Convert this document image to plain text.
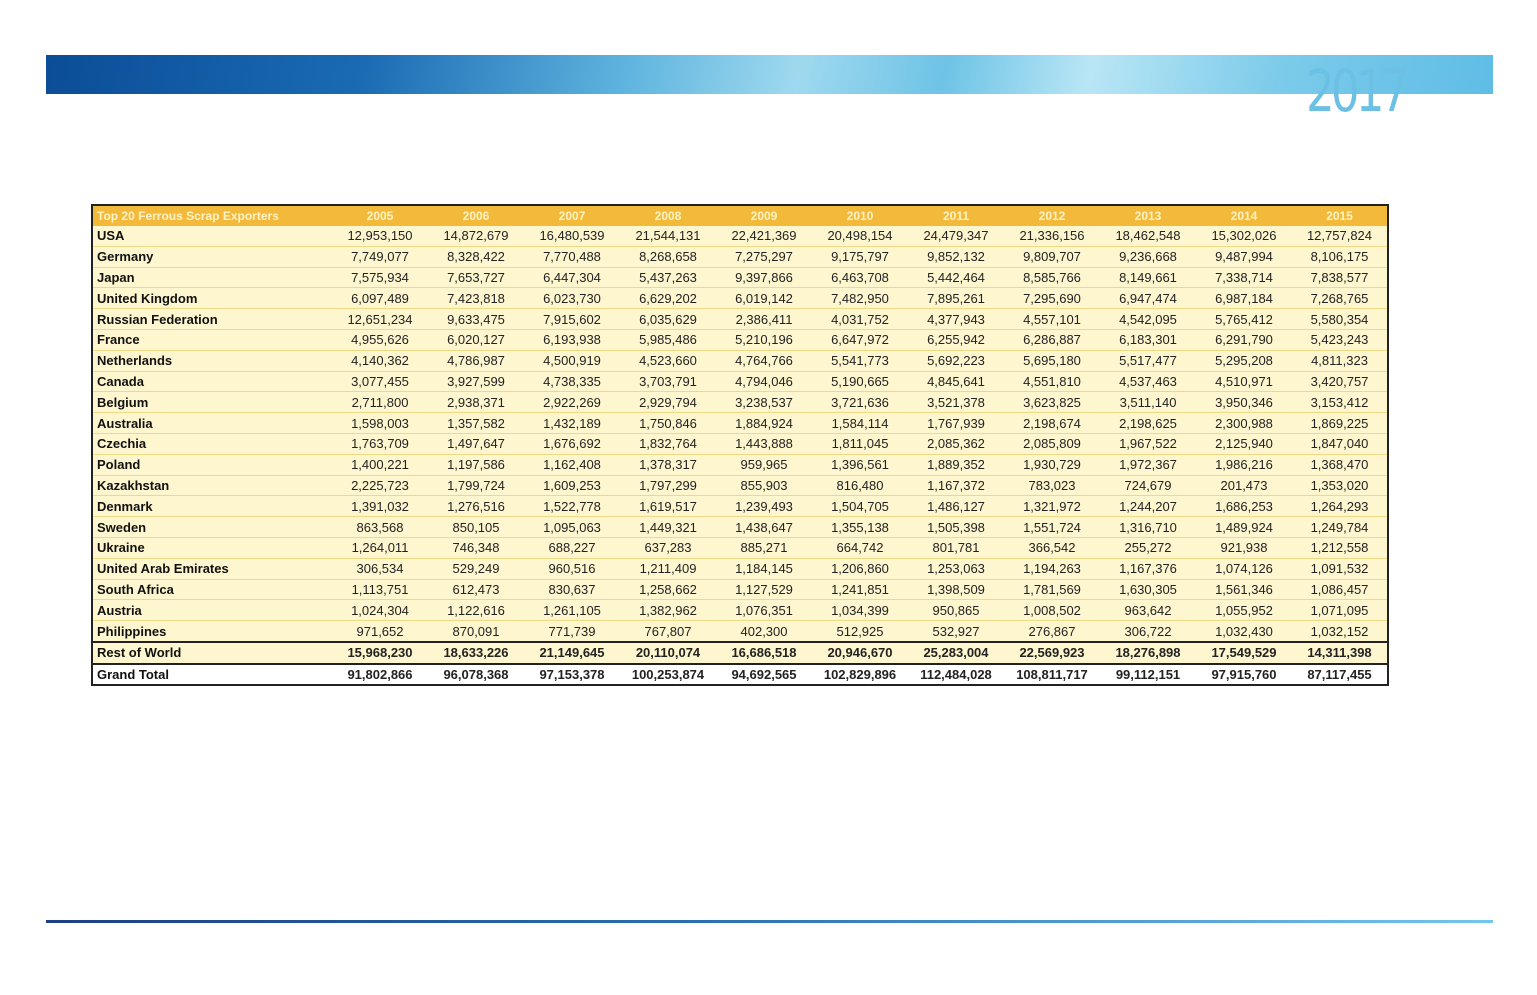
2017
Top 20 Ferrous Scrap Exporters	2005	2006	2007	2008	2009	2010	2011	2012	2013	2014	2015
USA	12,953,150	14,872,679	16,480,539	21,544,131	22,421,369	20,498,154	24,479,347	21,336,156	18,462,548	15,302,026	12,757,824
Germany	7,749,077	8,328,422	7,770,488	8,268,658	7,275,297	9,175,797	9,852,132	9,809,707	9,236,668	9,487,994	8,106,175
Japan	7,575,934	7,653,727	6,447,304	5,437,263	9,397,866	6,463,708	5,442,464	8,585,766	8,149,661	7,338,714	7,838,577
United Kingdom	6,097,489	7,423,818	6,023,730	6,629,202	6,019,142	7,482,950	7,895,261	7,295,690	6,947,474	6,987,184	7,268,765
Russian Federation	12,651,234	9,633,475	7,915,602	6,035,629	2,386,411	4,031,752	4,377,943	4,557,101	4,542,095	5,765,412	5,580,354
France	4,955,626	6,020,127	6,193,938	5,985,486	5,210,196	6,647,972	6,255,942	6,286,887	6,183,301	6,291,790	5,423,243
Netherlands	4,140,362	4,786,987	4,500,919	4,523,660	4,764,766	5,541,773	5,692,223	5,695,180	5,517,477	5,295,208	4,811,323
Canada	3,077,455	3,927,599	4,738,335	3,703,791	4,794,046	5,190,665	4,845,641	4,551,810	4,537,463	4,510,971	3,420,757
Belgium	2,711,800	2,938,371	2,922,269	2,929,794	3,238,537	3,721,636	3,521,378	3,623,825	3,511,140	3,950,346	3,153,412
Australia	1,598,003	1,357,582	1,432,189	1,750,846	1,884,924	1,584,114	1,767,939	2,198,674	2,198,625	2,300,988	1,869,225
Czechia	1,763,709	1,497,647	1,676,692	1,832,764	1,443,888	1,811,045	2,085,362	2,085,809	1,967,522	2,125,940	1,847,040
Poland	1,400,221	1,197,586	1,162,408	1,378,317	959,965	1,396,561	1,889,352	1,930,729	1,972,367	1,986,216	1,368,470
Kazakhstan	2,225,723	1,799,724	1,609,253	1,797,299	855,903	816,480	1,167,372	783,023	724,679	201,473	1,353,020
Denmark	1,391,032	1,276,516	1,522,778	1,619,517	1,239,493	1,504,705	1,486,127	1,321,972	1,244,207	1,686,253	1,264,293
Sweden	863,568	850,105	1,095,063	1,449,321	1,438,647	1,355,138	1,505,398	1,551,724	1,316,710	1,489,924	1,249,784
Ukraine	1,264,011	746,348	688,227	637,283	885,271	664,742	801,781	366,542	255,272	921,938	1,212,558
United Arab Emirates	306,534	529,249	960,516	1,211,409	1,184,145	1,206,860	1,253,063	1,194,263	1,167,376	1,074,126	1,091,532
South Africa	1,113,751	612,473	830,637	1,258,662	1,127,529	1,241,851	1,398,509	1,781,569	1,630,305	1,561,346	1,086,457
Austria	1,024,304	1,122,616	1,261,105	1,382,962	1,076,351	1,034,399	950,865	1,008,502	963,642	1,055,952	1,071,095
Philippines	971,652	870,091	771,739	767,807	402,300	512,925	532,927	276,867	306,722	1,032,430	1,032,152
Rest of World	15,968,230	18,633,226	21,149,645	20,110,074	16,686,518	20,946,670	25,283,004	22,569,923	18,276,898	17,549,529	14,311,398
Grand Total	91,802,866	96,078,368	97,153,378	100,253,874	94,692,565	102,829,896	112,484,028	108,811,717	99,112,151	97,915,760	87,117,455
